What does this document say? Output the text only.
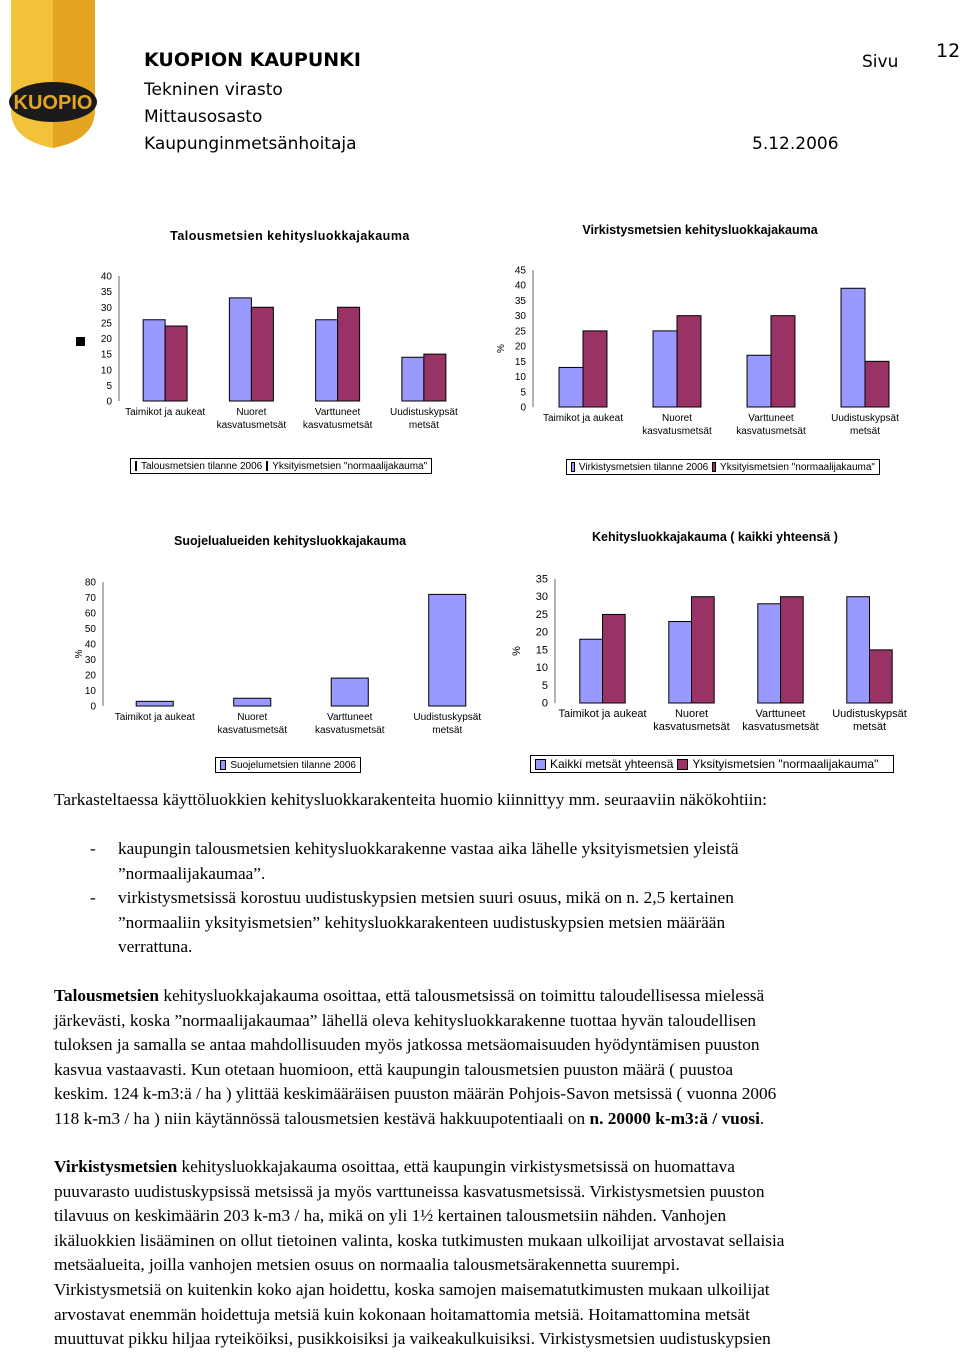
KUOPIO
KUOPION KAUPUNKI
Tekninen virasto
Mittausosasto
Kaupunginmetsänhoitaja	5.12.2006
Sivu 12
Talousmetsien kehitysluokkajakauma	Virkistysmetsien kehitysluokkajakauma
Suojelualueiden kehitysluokkajakauma	Kehitysluokkajakauma ( kaikki yhteensä )
0
5
10
15
20
25
30
35
40
Taimikot ja aukeat	Nuoret
kasvatusmetsät
Varttuneet
kasvatusmetsät
Uudistuskypsät
metsät
0
5
10
15
20
25
30
35
40
45
%
Taimikot ja aukeat	Nuoret
kasvatusmetsät
Varttuneet
kasvatusmetsät
Uudistuskypsät
metsät
0
10
20
30
40
50
60
70
80
%
Taimikot ja aukeat	Nuoret
kasvatusmetsät
Varttuneet
kasvatusmetsät
Uudistuskypsät
metsät
0
5
10
15
20
25
30
35
%
Taimikot ja aukeat	Nuoret
kasvatusmetsät
Varttuneet
kasvatusmetsät
Uudistuskypsät
metsät
Talousmetsien tilanne 2006 Yksityismetsien "normaalijakauma"	Virkistysmetsien tilanne 2006 Yksityismetsien "normaalijakauma"
Suojelumetsien tilanne 2006	Kaikki metsät yhteensä Yksityismetsien "normaalijakauma"
Tarkasteltaessa käyttöluokkien kehitysluokkarakenteita huomio kiinnittyy mm. seuraaviin näkökohtiin:
- kaupungin talousmetsien kehitysluokkarakenne vastaa aika lähelle yksityismetsien yleistä
”normaalijakaumaa”.
- virkistysmetsissä korostuu uudistuskypsien metsien suuri osuus, mikä on n. 2,5 kertainen
”normaaliin yksityismetsien” kehitysluokkarakenteen uudistuskypsien metsien määrään
verrattuna.
Talousmetsien kehitysluokkajakauma osoittaa, että talousmetsissä on toimittu taloudellisessa mielessä
järkevästi, koska ”normaalijakaumaa” lähellä oleva kehitysluokkarakenne tuottaa hyvän taloudellisen
tuloksen ja samalla se antaa mahdollisuuden myös jatkossa metsäomaisuuden hyödyntämisen puuston
kasvua vastaavasti. Kun otetaan huomioon, että kaupungin talousmetsien puuston määrä ( puustoa
keskim. 124 k-m3:ä / ha ) ylittää keskimääräisen puuston määrän Pohjois-Savon metsissä ( vuonna 2006
118 k-m3 / ha ) niin käytännössä talousmetsien kestävä hakkuupotentiaali on n. 20000 k-m3:ä / vuosi.
Virkistysmetsien kehitysluokkajakauma osoittaa, että kaupungin virkistysmetsissä on huomattava
puuvarasto uudistuskypsissä metsissä ja myös varttuneissa kasvatusmetsissä. Virkistysmetsien puuston
tilavuus on keskimäärin 203 k-m3 / ha, mikä on yli 1½ kertainen talousmetsiin nähden. Vanhojen
ikäluokkien lisääminen on ollut tietoinen valinta, koska tutkimusten mukaan ulkoilijat arvostavat sellaisia
metsäalueita, joilla vanhojen metsien osuus on normaalia talousmetsärakennetta suurempi.
Virkistysmetsiä on kuitenkin koko ajan hoidettu, koska samojen maisematutkimusten mukaan ulkoilijat
arvostavat enemmän hoidettuja metsiä kuin kokonaan hoitamattomia metsiä. Hoitamattomina metsät
muuttuvat pikku hiljaa ryteiköiksi, pusikkoisiksi ja vaikeakulkuisiksi. Virkistysmetsien uudistuskypsien
